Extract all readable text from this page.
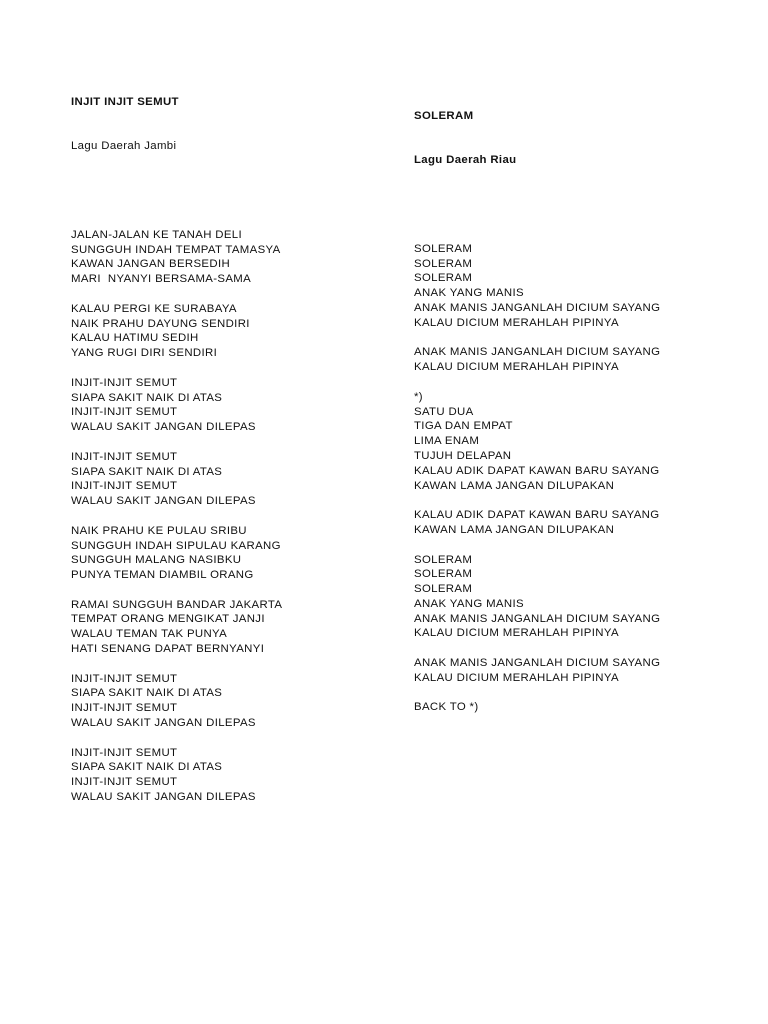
INJIT INJIT SEMUT

Lagu Daerah Jambi

JALAN-JALAN KE TANAH DELI
SUNGGUH INDAH TEMPAT TAMASYA
KAWAN JANGAN BERSEDIH
MARI  NYANYI BERSAMA-SAMA
KALAU PERGI KE SURABAYA
NAIK PRAHU DAYUNG SENDIRI
KALAU HATIMU SEDIH
YANG RUGI DIRI SENDIRI
INJIT-INJIT SEMUT
SIAPA SAKIT NAIK DI ATAS
INJIT-INJIT SEMUT
WALAU SAKIT JANGAN DILEPAS
INJIT-INJIT SEMUT
SIAPA SAKIT NAIK DI ATAS
INJIT-INJIT SEMUT
WALAU SAKIT JANGAN DILEPAS
NAIK PRAHU KE PULAU SRIBU
SUNGGUH INDAH SIPULAU KARANG
SUNGGUH MALANG NASIBKU
PUNYA TEMAN DIAMBIL ORANG
RAMAI SUNGGUH BANDAR JAKARTA
TEMPAT ORANG MENGIKAT JANJI
WALAU TEMAN TAK PUNYA
HATI SENANG DAPAT BERNYANYI
INJIT-INJIT SEMUT
SIAPA SAKIT NAIK DI ATAS
INJIT-INJIT SEMUT
WALAU SAKIT JANGAN DILEPAS
INJIT-INJIT SEMUT
SIAPA SAKIT NAIK DI ATAS
INJIT-INJIT SEMUT
WALAU SAKIT JANGAN DILEPAS

SOLERAM

Lagu Daerah Riau

SOLERAM
SOLERAM
SOLERAM
ANAK YANG MANIS
ANAK MANIS JANGANLAH DICIUM SAYANG
KALAU DICIUM MERAHLAH PIPINYA
ANAK MANIS JANGANLAH DICIUM SAYANG
KALAU DICIUM MERAHLAH PIPINYA
*)
SATU DUA
TIGA DAN EMPAT
LIMA ENAM
TUJUH DELAPAN
KALAU ADIK DAPAT KAWAN BARU SAYANG
KAWAN LAMA JANGAN DILUPAKAN
KALAU ADIK DAPAT KAWAN BARU SAYANG
KAWAN LAMA JANGAN DILUPAKAN
SOLERAM
SOLERAM
SOLERAM
ANAK YANG MANIS
ANAK MANIS JANGANLAH DICIUM SAYANG
KALAU DICIUM MERAHLAH PIPINYA
ANAK MANIS JANGANLAH DICIUM SAYANG
KALAU DICIUM MERAHLAH PIPINYA
BACK TO *)
